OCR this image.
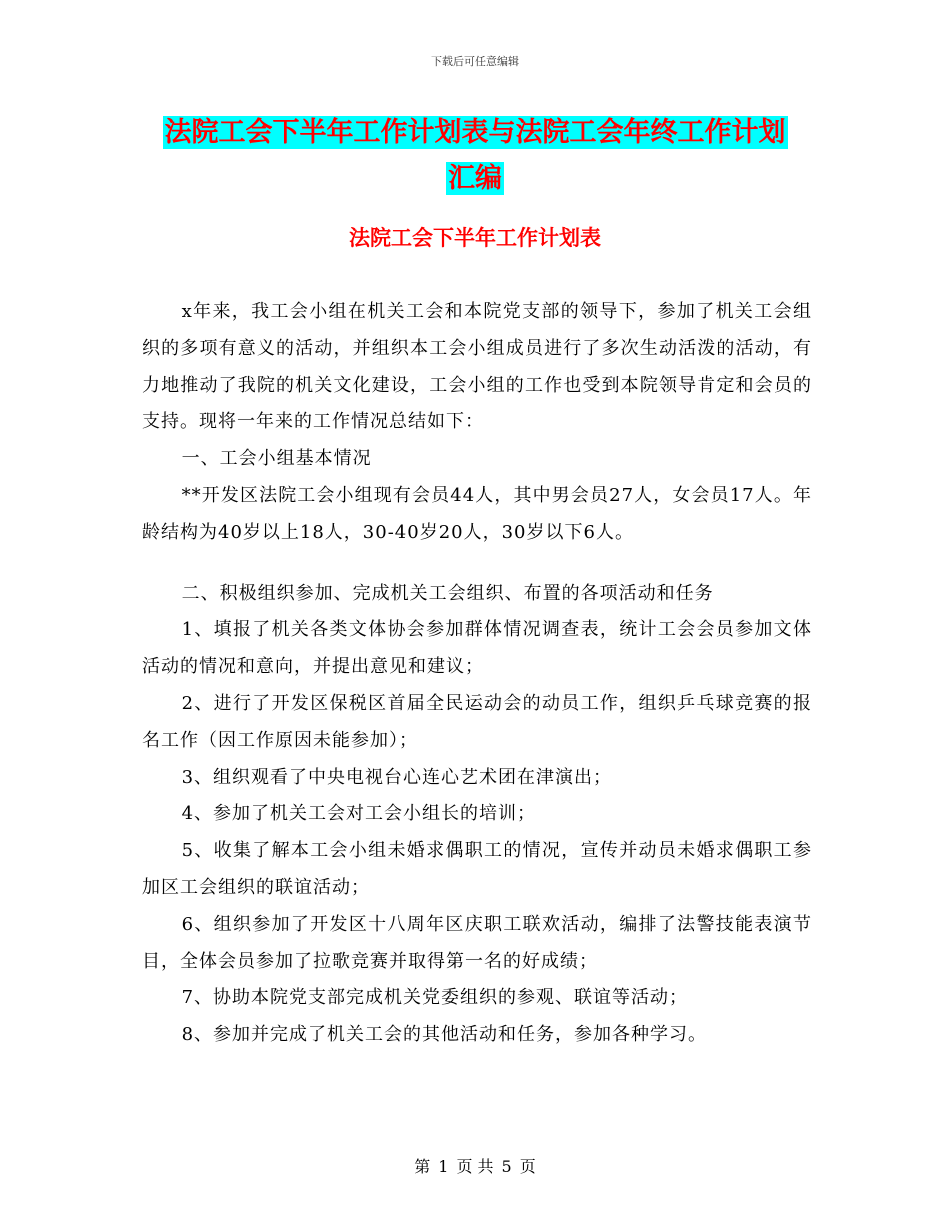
下载后可任意编辑
法院工会下半年工作计划表与法院工会年终工作计划
汇编
法院工会下半年工作计划表

x年来，我工会小组在机关工会和本院党支部的领导下，参加了机关工会组织的多项有意义的活动，并组织本工会小组成员进行了多次生动活泼的活动，有力地推动了我院的机关文化建设，工会小组的工作也受到本院领导肯定和会员的支持。现将一年来的工作情况总结如下：

一、工会小组基本情况

**开发区法院工会小组现有会员44人，其中男会员27人，女会员17人。年龄结构为40岁以上18人，30-40岁20人，30岁以下6人。

二、积极组织参加、完成机关工会组织、布置的各项活动和任务

1、填报了机关各类文体协会参加群体情况调查表，统计工会会员参加文体活动的情况和意向，并提出意见和建议；

2、进行了开发区保税区首届全民运动会的动员工作，组织乒乓球竞赛的报名工作（因工作原因未能参加）；

3、组织观看了中央电视台心连心艺术团在津演出；

4、参加了机关工会对工会小组长的培训；

5、收集了解本工会小组未婚求偶职工的情况，宣传并动员未婚求偶职工参加区工会组织的联谊活动；

6、组织参加了开发区十八周年区庆职工联欢活动，编排了法警技能表演节目，全体会员参加了拉歌竞赛并取得第一名的好成绩；

7、协助本院党支部完成机关党委组织的参观、联谊等活动；

8、参加并完成了机关工会的其他活动和任务，参加各种学习。

第 1 页 共 5 页
